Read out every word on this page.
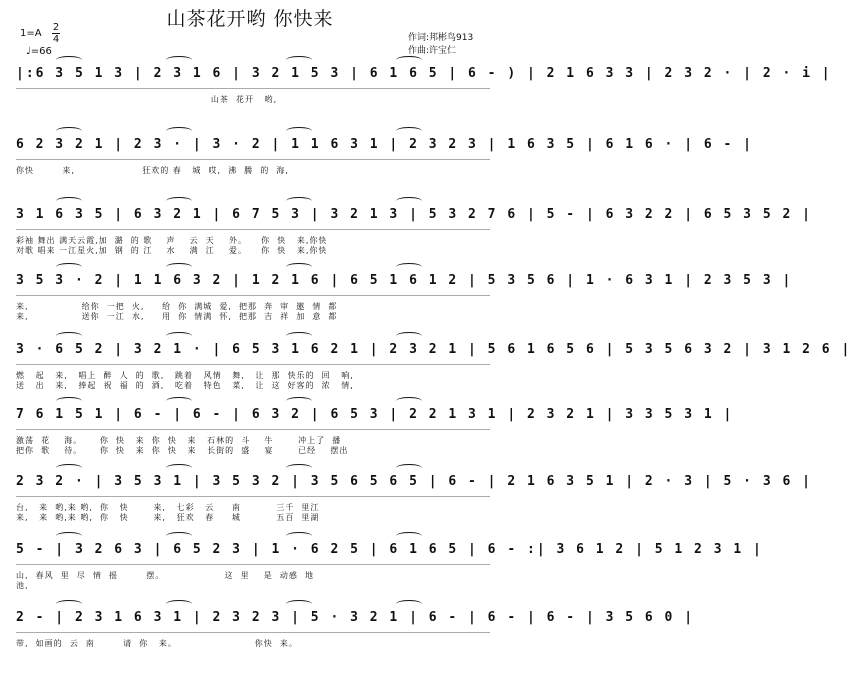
山茶花开哟 你快来
1=A
2
4
♩=66
作词:邦彬鸟913
作曲:许宝仁
|:6 3 5 1 3 | 2 3 1 6 | 3 2 1 5 3 | 6 1 6 5 | 6 - ) | 2 1 6 3 3 | 2 3 2 · | 2 · i |
山茶  花开   哟,
6 2 3 2 1 | 2 3 · | 3 · 2 | 1 1 6 3 1 | 2 3 2 3 | 1 6 3 5 | 6 1 6 · | 6 - |
你快        来,                   狂欢的 春   城  哎,  沸  腾  的  海,
3 1 6 3 5 | 6 3 2 1 | 6 7 5 3 | 3 2 1 3 | 5 3 2 7 6 | 5 - | 6 3 2 2 | 6 5 3 5 2 |
彩袖 舞出 满天云霞,加  潞  的 歌    声    云  天    外。    你  快   来,你快
对歌 唱来 一江星火,加  钢  的 江    水    满  江    爱。    你  快   来,你快
3 5 3 · 2 | 1 1 6 3 2 | 1 2 1 6 | 6 5 1 6 1 2 | 5 3 5 6 | 1 · 6 3 1 | 2 3 5 3 |
来,               给你  一把  火,     给  你  满城  爱,  把那  奔  审  邀  情  都
来,               送你  一江  水,     用  你  情满  怀,  把那  吉  祥  加  意  都
3 · 6 5 2 | 3 2 1 · | 6 5 3 1 6 2 1 | 2 3 2 1 | 5 6 1 6 5 6 | 5 3 5 6 3 2 | 3 1 2 6 |
燃   起   来,   唱上  醉  人  的  歌,   跳着   风情   舞,   让  那  快乐的  回   响,
送   出   来,   捧起  祝  福  的  酒,   吃着   特色   菜,   让  这  好客的  浓   情,
7 6 1 5 1 | 6 - | 6 - | 6 3 2 | 6 5 3 | 2 2 1 3 1 | 2 3 2 1 | 3 3 5 3 1 |
激荡  花    海。     你  快   来  你  快   来   石林的  斗    牛       冲上了  播
把你  歌    待。     你  快   来  你  快   来   长街的  盛    宴       已经    摆出
2 3 2 · | 3 5 3 1 | 3 5 3 2 | 3 5 6 5 6 5 | 6 - | 2 1 6 3 5 1 | 2 · 3 | 5 · 3 6 |
台,   来  哟,来 哟,  你   快       来,   七彩   云     南          三千  里江
来,   来  哟,来 哟,  你   快       来,   狂欢   春     城          五百  里湖
5 - | 3 2 6 3 | 6 5 2 3 | 1 · 6 2 5 | 6 1 6 5 | 6 - :| 3 6 1 2 | 5 1 2 3 1 |
山,  春风  里  尽  情  摇        摆。                 这  里    是  动感  地
池,
2 - | 2 3 1 6 3 1 | 2 3 2 3 | 5 · 3 2 1 | 6 - | 6 - | 6 - | 3 5 6 0 |
带,  如画的  云  南        请  你   来。                      你快  来。
